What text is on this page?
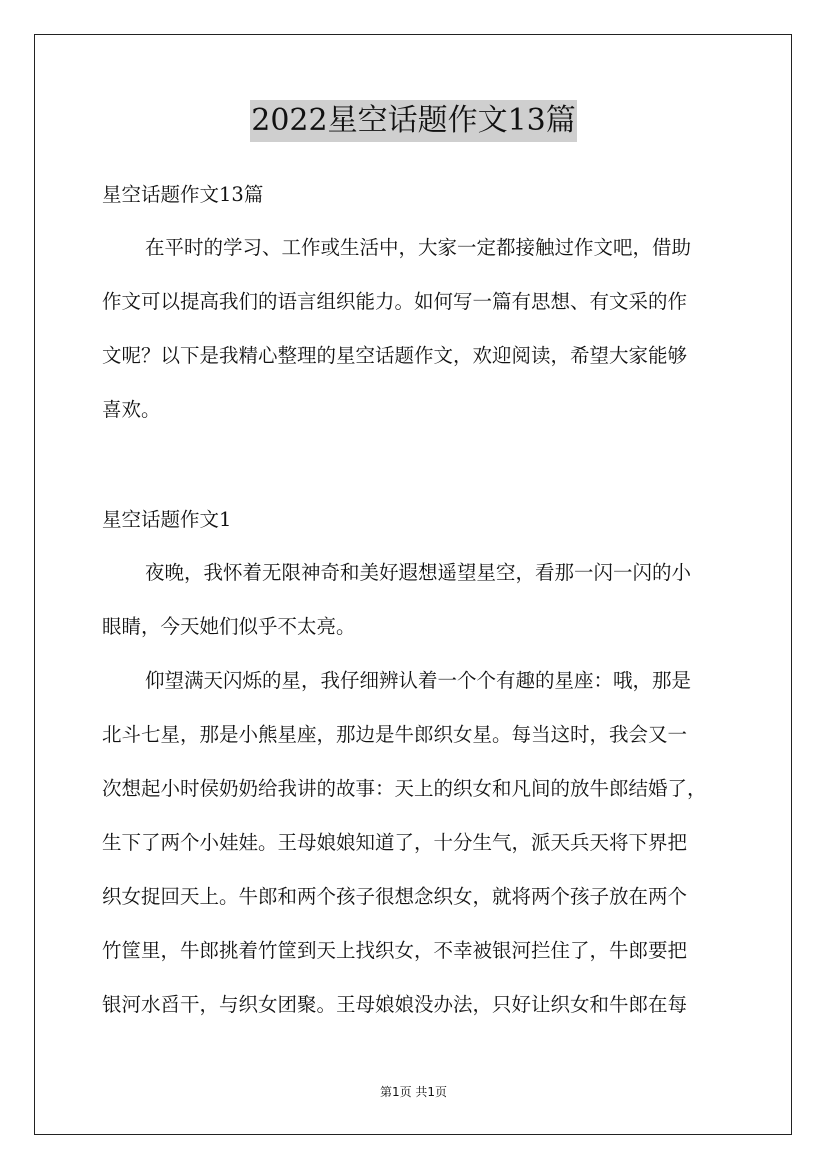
2022星空话题作文13篇
星空话题作文13篇
在平时的学习、工作或生活中，大家一定都接触过作文吧，借助
作文可以提高我们的语言组织能力。如何写一篇有思想、有文采的作
文呢？以下是我精心整理的星空话题作文，欢迎阅读，希望大家能够
喜欢。
星空话题作文1
夜晚，我怀着无限神奇和美好遐想遥望星空，看那一闪一闪的小
眼睛，今天她们似乎不太亮。
仰望满天闪烁的星，我仔细辨认着一个个有趣的星座：哦，那是
北斗七星，那是小熊星座，那边是牛郎织女星。每当这时，我会又一
次想起小时侯奶奶给我讲的故事：天上的织女和凡间的放牛郎结婚了，
生下了两个小娃娃。王母娘娘知道了，十分生气，派天兵天将下界把
织女捉回天上。牛郎和两个孩子很想念织女，就将两个孩子放在两个
竹筐里，牛郎挑着竹筐到天上找织女，不幸被银河拦住了，牛郎要把
银河水舀干，与织女团聚。王母娘娘没办法，只好让织女和牛郎在每
第1页 共1页
